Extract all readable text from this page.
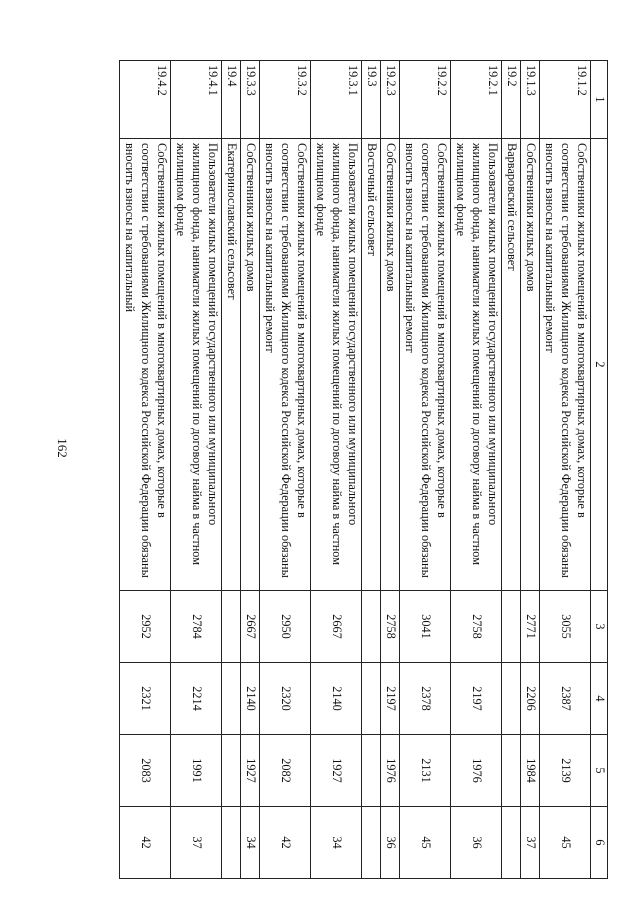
162
1	2	3	4	5	6
19.1.2	Собственники жилых помещений в многоквартирных домах, которые в соответствии с требованиями Жилищного кодекса Российской Федерации обязаны вносить взносы на капитальный ремонт	3055	2387	2139	45
19.1.3	Собственники жилых домов	2771	2206	1984	37
19.2	Варваровский сельсовет				
19.2.1	Пользователи жилых помещений государственного или муниципального жилищного фонда, наниматели жилых помещений по договору найма в частном жилищном фонде	2758	2197	1976	36
19.2.2	Собственники жилых помещений в многоквартирных домах, которые в соответствии с требованиями Жилищного кодекса Российской Федерации обязаны вносить взносы на капитальный ремонт	3041	2378	2131	45
19.2.3	Собственники жилых домов	2758	2197	1976	36
19.3	Восточный сельсовет				
19.3.1	Пользователи жилых помещений государственного или муниципального жилищного фонда, наниматели жилых помещений по договору найма в частном жилищном фонде	2667	2140	1927	34
19.3.2	Собственники жилых помещений в многоквартирных домах, которые в соответствии с требованиями Жилищного кодекса Российской Федерации обязаны вносить взносы на капитальный ремонт	2950	2320	2082	42
19.3.3	Собственники жилых домов	2667	2140	1927	34
19.4	Екатеринославский сельсовет				
19.4.1	Пользователи жилых помещений государственного или муниципального жилищного фонда, наниматели жилых помещений по договору найма в частном жилищном фонде	2784	2214	1991	37
19.4.2	Собственники жилых помещений в многоквартирных домах, которые в соответствии с требованиями Жилищного кодекса Российской Федерации обязаны вносить взносы на капитальный	2952	2321	2083	42
